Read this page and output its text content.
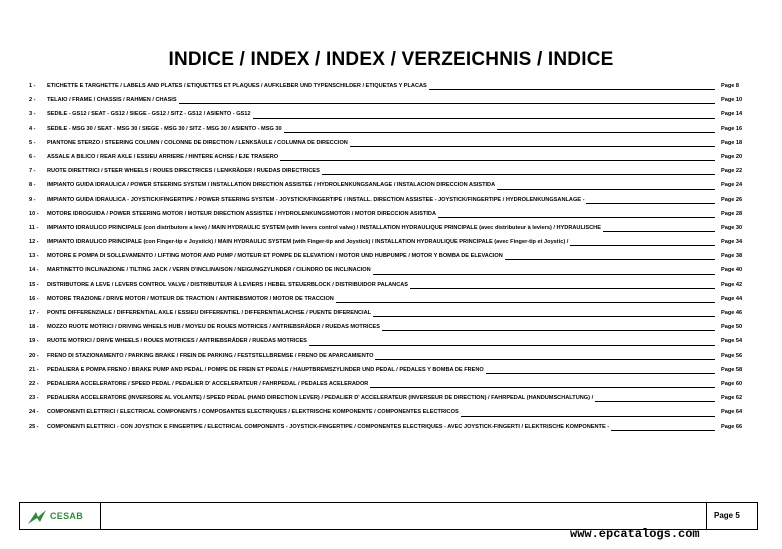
INDICE / INDEX / INDEX / VERZEICHNIS / INDICE
1 -	ETICHETTE E TARGHETTE / LABELS AND PLATES / ETIQUETTES ET PLAQUES / AUFKLEBER UND TYPENSCHILDER / ETIQUETAS Y PLACAS	Page 8
2 -	TELAIO / FRAME / CHASSIS / RAHMEN / CHASIS	Page 10
3 -	SEDILE - GS12 / SEAT - GS12 / SIEGE - GS12 / SITZ - GS12 / ASIENTO - GS12	Page 14
4 -	SEDILE - MSG 30 / SEAT - MSG 30 / SIEGE - MSG 30 / SITZ - MSG 30 / ASIENTO - MSG 30	Page 16
5 -	PIANTONE STERZO / STEERING COLUMN / COLONNE DE DIRECTION / LENKSÄULE / COLUMNA DE DIRECCION	Page 18
6 -	ASSALE A BILICO / REAR AXLE / ESSIEU ARRIERE / HINTERE ACHSE / EJE TRASERO	Page 20
7 -	RUOTE DIRETTRICI / STEER WHEELS / ROUES DIRECTRICES / LENKRÄDER / RUEDAS DIRECTRICES	Page 22
8 -	IMPIANTO GUIDA IDRAULICA / POWER STEERING SYSTEM / INSTALLATION DIRECTION ASSISTEE / HYDROLENKUNGSANLAGE / INSTALACION DIRECCION ASISTIDA	Page 24
9 -	IMPIANTO GUIDA IDRAULICA - JOYSTICK/FINGERTIPE / POWER STEERING SYSTEM - JOYSTICK/FINGERTIPE / INSTALL. DIRECTION ASSISTEE - JOYSTICK/FINGERTIPE / HYDROLENKUNGSANLAGE -	Page 26
10 -	MOTORE IDROGUIDA / POWER STEERING MOTOR / MOTEUR DIRECTION ASSISTEE / HYDROLENKUNGSMOTOR / MOTOR DIRECCION ASISTIDA	Page 28
11 -	IMPIANTO IDRAULICO PRINCIPALE (con distributore a leve) / MAIN HYDRAULIC SYSTEM (with levers control valve) / INSTALLATION HYDRAULIQUE PRINCIPALE (avec distributeur à leviers) / HYDRAULISCHE	Page 30
12 -	IMPIANTO IDRAULICO PRINCIPALE (con Finger-tip e Joystick) / MAIN HYDRAULIC SYSTEM (with Finger-tip and Joystick) / INSTALLATION HYDRAULIQUE PRINCIPALE (avec Finger-tip et Joystic) /	Page 34
13 -	MOTORE E POMPA DI SOLLEVAMENTO / LIFTING MOTOR AND PUMP / MOTEUR ET POMPE DE ELEVATION / MOTOR UND HUBPUMPE / MOTOR Y BOMBA DE ELEVACION	Page 38
14 -	MARTINETTO INCLINAZIONE / TILTING JACK / VERIN D'INCLINAISON / NEIGUNGZYLINDER / CILINDRO DE INCLINACION	Page 40
15 -	DISTRIBUTORE A LEVE / LEVERS CONTROL VALVE / DISTRIBUTEUR À LEVIERS / HEBEL STEUERBLOCK / DISTRIBUIDOR PALANCAS	Page 42
16 -	MOTORE TRAZIONE / DRIVE MOTOR / MOTEUR DE TRACTION / ANTRIEBSMOTOR / MOTOR DE TRACCION	Page 44
17 -	PONTE DIFFERENZIALE / DIFFERENTIAL AXLE / ESSIEU DIFFERENTIEL / DIFFERENTIALACHSE / PUENTE DIFERENCIAL	Page 46
18 -	MOZZO RUOTE MOTRICI / DRIVING WHEELS HUB / MOYEU DE ROUES MOTRICES / ANTRIEBSRÄDER / RUEDAS MOTRICES	Page 50
19 -	RUOTE MOTRICI / DRIVE WHEELS / ROUES MOTRICES / ANTRIEBSRÄDER / RUEDAS MOTRICES	Page 54
20 -	FRENO DI STAZIONAMENTO / PARKING BRAKE / FREIN DE PARKING / FESTSTELLBREMSE / FRENO DE APARCAMIENTO	Page 56
21 -	PEDALIERA E POMPA FRENO / BRAKE PUMP AND PEDAL / POMPE DE FREIN ET PEDALE / HAUPTBREMSZYLINDER UND PEDAL / PEDALES Y BOMBA DE FRENO	Page 58
22 -	PEDALIERA ACCELERATORE / SPEED PEDAL / PEDALIER D' ACCELERATEUR / FAHRPEDAL / PEDALES ACELERADOR	Page 60
23 -	PEDALIERA ACCELERATORE (INVERSORE AL VOLANTE) / SPEED PEDAL (HAND DIRECTION LEVER) / PEDALIER D' ACCELERATEUR (INVERSEUR DE DIRECTION) / FAHRPEDAL (HANDUMSCHALTUNG) /	Page 62
24 -	COMPONENTI ELETTRICI / ELECTRICAL COMPONENTS / COMPOSANTES ELECTRIQUES / ELEKTRISCHE KOMPONENTE / COMPONENTES ELECTRICOS	Page 64
25 -	COMPONENTI ELETTRICI - CON JOYSTICK E FINGERTIPE / ELECTRICAL COMPONENTS - JOYSTICK-FINGERTIPE / COMPONENTES ELECTRIQUES - AVEC JOYSTICK-FINGERTI / ELEKTRISCHE KOMPONENTE -	Page 66
CESAB	Page 5
www.epcatalogs.com
